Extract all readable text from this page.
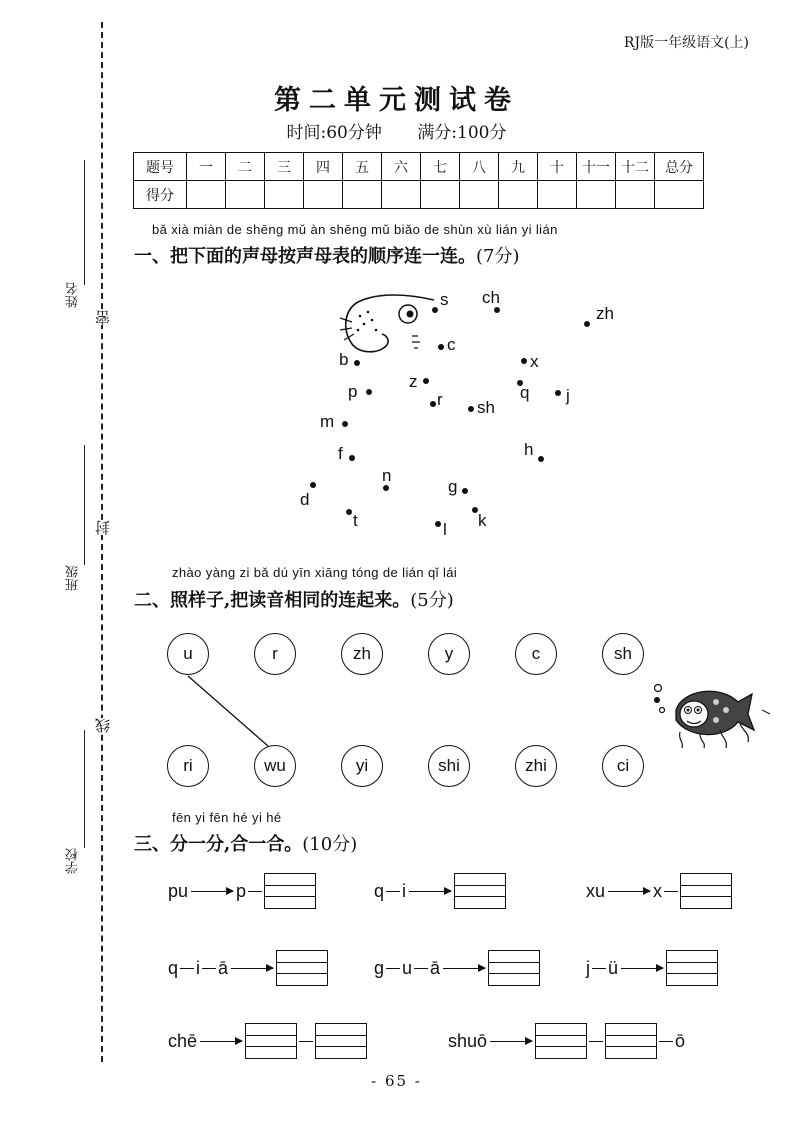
姓名
密
班级
封
学校
线
RJ版一年级语文(上)
第二单元测试卷
时间:60分钟 满分:100分
题号	一	二	三	四	五	六	七	八	九	十	十一	十二	总分
得分													
bǎ xià miàn de shēng mǔ àn shēng mǔ biǎo de shùn xù lián yi lián
一、把下面的声母按声母表的顺序连一连。(7分)
s ch
zh
c
b	x
z
q j
p	r sh
m
f	h
n
g
d
t	k
l
zhào yàng zi bǎ dú yīn xiāng tóng de lián qǐ lái
二、照样子,把读音相同的连起来。(5分)
u	r	zh	y	c	sh
ri	wu	yi	shi	zhi	ci
fēn yi fēn hé yi hé
三、分一分,合一合。(10分)
pu	p	q i	xu	x
q i ā	g u ā	j ü
chē	shuō	ō
- 65 -
